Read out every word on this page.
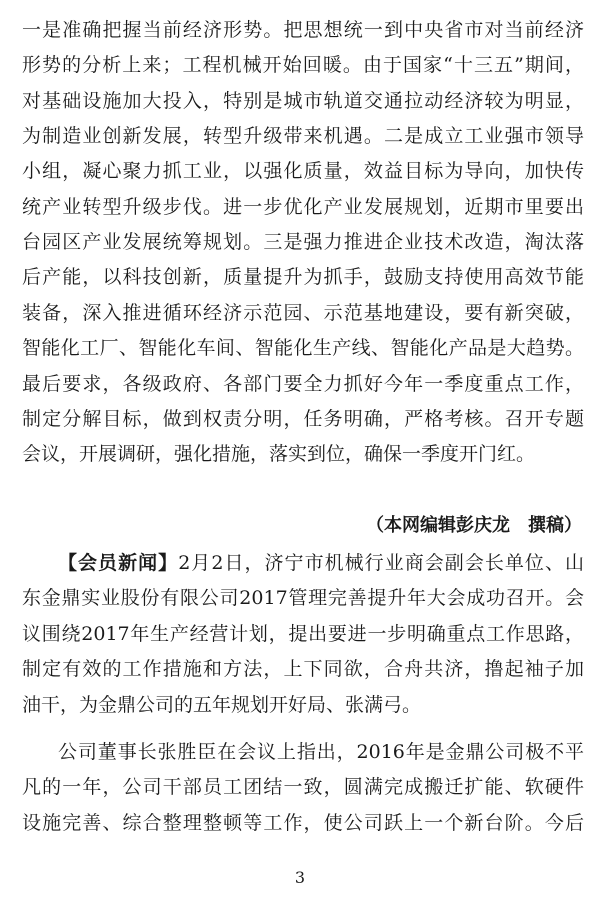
一是准确把握当前经济形势。把思想统一到中央省市对当前经济
形势的分析上来；工程机械开始回暖。由于国家“十三五”期间，
对基础设施加大投入，特别是城市轨道交通拉动经济较为明显，
为制造业创新发展，转型升级带来机遇。二是成立工业强市领导
小组，凝心聚力抓工业，以强化质量，效益目标为导向，加快传
统产业转型升级步伐。进一步优化产业发展规划，近期市里要出
台园区产业发展统筹规划。三是强力推进企业技术改造，淘汰落
后产能，以科技创新，质量提升为抓手，鼓励支持使用高效节能
装备，深入推进循环经济示范园、示范基地建设，要有新突破，
智能化工厂、智能化车间、智能化生产线、智能化产品是大趋势。
最后要求，各级政府、各部门要全力抓好今年一季度重点工作，
制定分解目标，做到权责分明，任务明确，严格考核。召开专题
会议，开展调研，强化措施，落实到位，确保一季度开门红。
（本网编辑彭庆龙　撰稿）
【会员新闻】2月2日，济宁市机械行业商会副会长单位、山
东金鼎实业股份有限公司2017管理完善提升年大会成功召开。会
议围绕2017年生产经营计划，提出要进一步明确重点工作思路，
制定有效的工作措施和方法，上下同欲，合舟共济，撸起袖子加
油干，为金鼎公司的五年规划开好局、张满弓。
公司董事长张胜臣在会议上指出，2016年是金鼎公司极不平
凡的一年，公司干部员工团结一致，圆满完成搬迁扩能、软硬件
设施完善、综合整理整顿等工作，使公司跃上一个新台阶。今后
3
